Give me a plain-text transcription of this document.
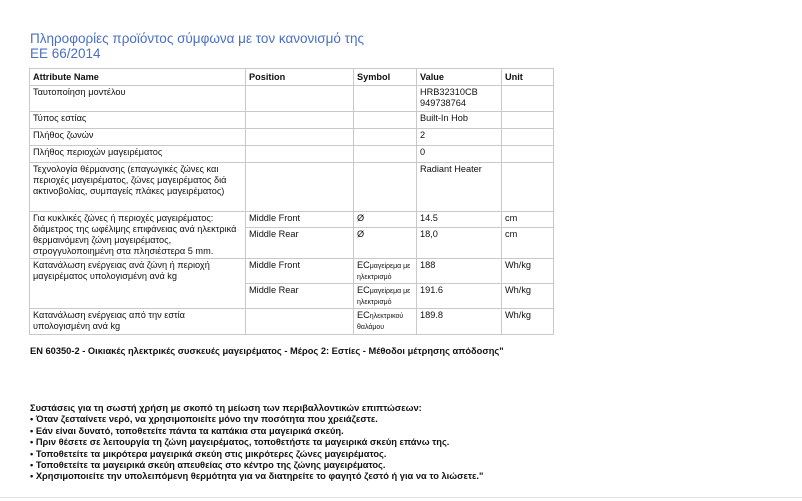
Πληροφορίες προϊόντος σύμφωνα με τον κανονισμό της
ΕΕ 66/2014
Attribute Name	Position	Symbol	Value	Unit
Ταυτοποίηση μοντέλου			HRB32310CB
949738764	

Τύπος εστίας			Built-In Hob	
Πλήθος ζωνών			2	
Πλήθος περιοχών μαγειρέματος			0	
Τεχνολογία θέρμανσης (επαγωγικές ζώνες και περιοχές μαγειρέματος, ζώνες μαγειρέματος διά ακτινοβολίας, συμπαγείς πλάκες μαγειρέματος)			Radiant Heater	
Για κυκλικές ζώνες ή περιοχές μαγειρέματος: διάμετρος της ωφέλιμης επιφάνειας ανά ηλεκτρικά θερμαινόμενη ζώνη μαγειρέματος, στρογγυλοποιημένη στα πλησιέστερα 5 mm.	Middle Front	Ø	14.5	cm
	Middle Rear	Ø	18,0	cm
Κατανάλωση ενέργειας ανά ζώνη ή περιοχή μαγειρέματος υπολογισμένη ανά kg	Middle Front	ECμαγείρεμα με ηλεκτρισμό	188	Wh/kg
	Middle Rear	ECμαγείρεμα με ηλεκτρισμό	191.6	Wh/kg
Κατανάλωση ενέργειας από την εστία υπολογισμένη ανά kg		ECηλεκτρικού θαλάμου	189.8	Wh/kg
EN 60350-2 - Οικιακές ηλεκτρικές συσκευές μαγειρέματος - Μέρος 2: Εστίες - Μέθοδοι μέτρησης απόδοσης"
Συστάσεις για τη σωστή χρήση με σκοπό τη μείωση των περιβαλλοντικών επιπτώσεων:
• Όταν ζεσταίνετε νερό, να χρησιμοποιείτε μόνο την ποσότητα που χρειάζεστε.
• Εάν είναι δυνατό, τοποθετείτε πάντα τα καπάκια στα μαγειρικά σκεύη.
• Πριν θέσετε σε λειτουργία τη ζώνη μαγειρέματος, τοποθετήστε τα μαγειρικά σκεύη επάνω της.
• Τοποθετείτε τα μικρότερα μαγειρικά σκεύη στις μικρότερες ζώνες μαγειρέματος.
• Τοποθετείτε τα μαγειρικά σκεύη απευθείας στο κέντρο της ζώνης μαγειρέματος.
• Χρησιμοποιείτε την υπολειπόμενη θερμότητα για να διατηρείτε το φαγητό ζεστό ή για να το λιώσετε."
